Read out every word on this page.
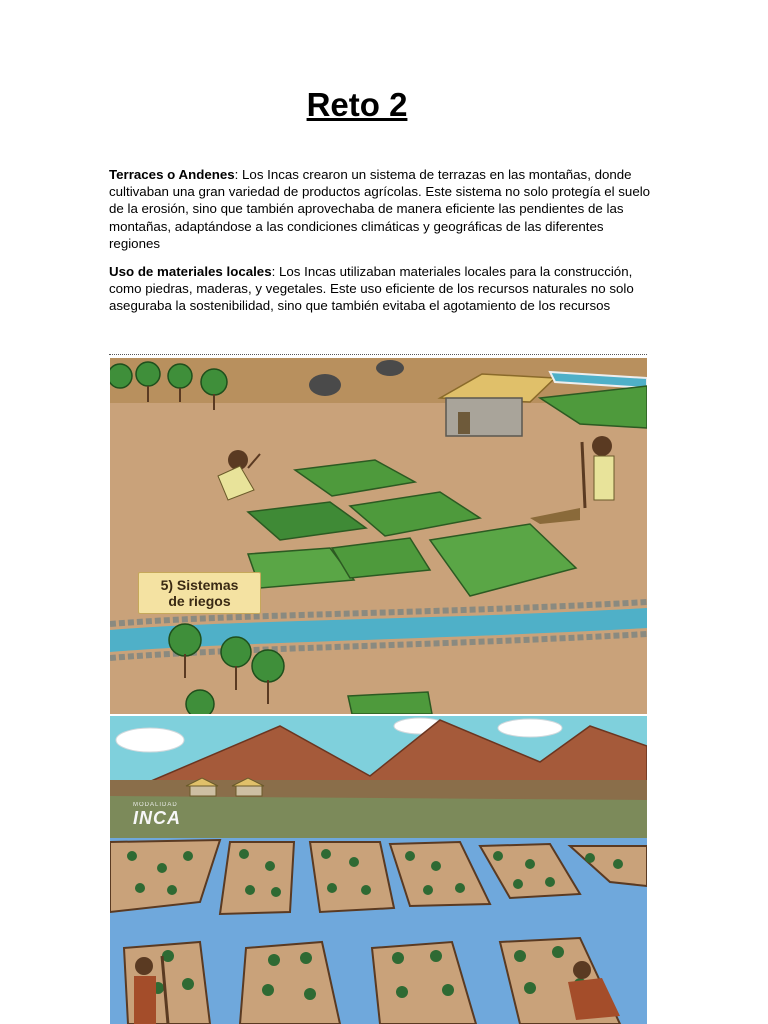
Reto 2
Terraces o Andenes: Los Incas crearon un sistema de terrazas en las montañas, donde cultivaban una gran variedad de productos agrícolas. Este sistema no solo protegía el suelo de la erosión, sino que también aprovechaba de manera eficiente las pendientes de las montañas, adaptándose a las condiciones climáticas y geográficas de las diferentes regiones
Uso de materiales locales: Los Incas utilizaban materiales locales para la construcción, como piedras, maderas, y vegetales. Este uso eficiente de los recursos naturales no solo aseguraba la sostenibilidad, sino que también evitaba el agotamiento de los recursos
5) Sistemas
de riegos
MODALIDAD
INCA
